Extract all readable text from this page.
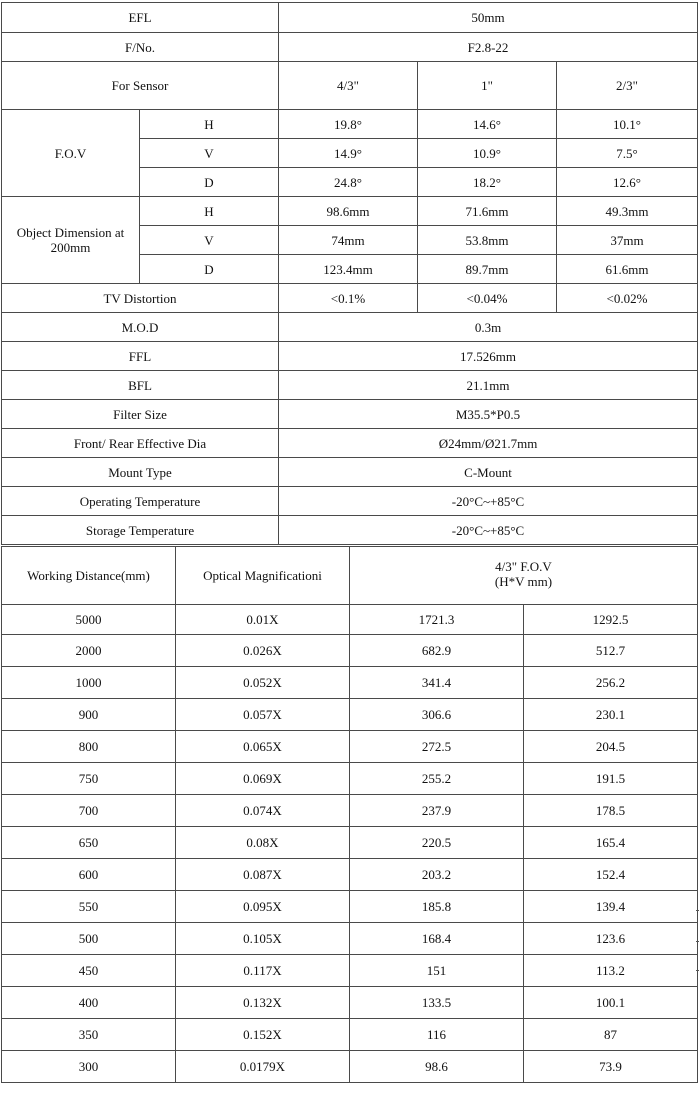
EFL		50mm		
F/No.		F2.8-22		
For Sensor		4/3"	1"	2/3"
F.O.V	H	19.8°	14.6°	10.1°
	V	14.9°	10.9°	7.5°
	D	24.8°	18.2°	12.6°
Object Dimension at
200mm	H	98.6mm	71.6mm	49.3mm
	V	74mm	53.8mm	37mm
	D	123.4mm	89.7mm	61.6mm
TV Distortion		<0.1%	<0.04%	<0.02%
M.O.D		0.3m		
FFL		17.526mm		
BFL		21.1mm		
Filter Size		M35.5*P0.5		
Front/ Rear Effective Dia		Ø24mm/Ø21.7mm		
Mount Type		C-Mount		
Operating Temperature		-20°C~+85°C		
Storage Temperature		-20°C~+85°C		
Working Distance(mm)	Optical Magnificationi	4/3" F.O.V
(H*V mm)	
5000	0.01X	1721.3	1292.5
2000	0.026X	682.9	512.7
1000	0.052X	341.4	256.2
900	0.057X	306.6	230.1
800	0.065X	272.5	204.5
750	0.069X	255.2	191.5
700	0.074X	237.9	178.5
650	0.08X	220.5	165.4
600	0.087X	203.2	152.4
550	0.095X	185.8	139.4
500	0.105X	168.4	123.6
450	0.117X	151	113.2
400	0.132X	133.5	100.1
350	0.152X	116	87
300	0.0179X	98.6	73.9
